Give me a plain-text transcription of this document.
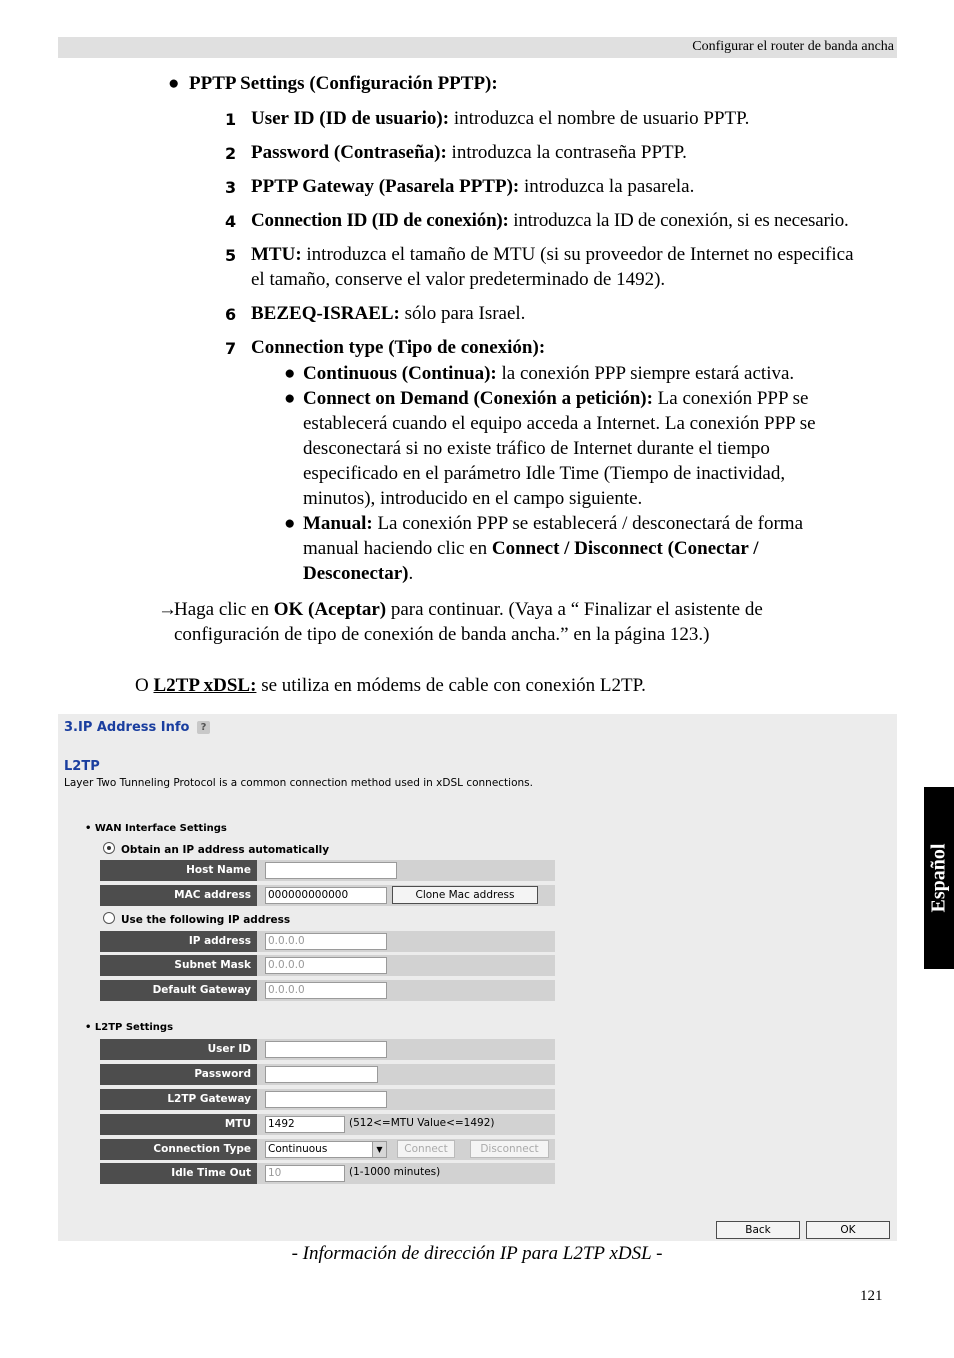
Configurar el router de banda ancha
● PPTP Settings (Configuración PPTP):
1 User ID (ID de usuario): introduzca el nombre de usuario PPTP.
2 Password (Contraseña): introduzca la contraseña PPTP.
3 PPTP Gateway (Pasarela PPTP): introduzca la pasarela.
4 Connection ID (ID de conexión): introduzca la ID de conexión, si es necesario.
5 MTU: introduzca el tamaño de MTU (si su proveedor de Internet no especifica
el tamaño, conserve el valor predeterminado de 1492).
6 BEZEQ-ISRAEL: sólo para Israel.
7 Connection type (Tipo de conexión):
● Continuous (Continua): la conexión PPP siempre estará activa.
● Connect on Demand (Conexión a petición): La conexión PPP se
establecerá cuando el equipo acceda a Internet. La conexión PPP se
desconectará si no existe tráfico de Internet durante el tiempo
especificado en el parámetro Idle Time (Tiempo de inactividad,
minutos), introducido en el campo siguiente.
● Manual: La conexión PPP se establecerá / desconectará de forma
manual haciendo clic en Connect / Disconnect (Conectar /
Desconectar).
→
Haga clic en OK (Aceptar) para continuar. (Vaya a “ Finalizar el asistente de
configuración de tipo de conexión de banda ancha.” en la página 123.)
O L2TP xDSL: se utiliza en módems de cable con conexión L2TP.
Español
3.IP Address Info ?
L2TP
Layer Two Tunneling Protocol is a common connection method used in xDSL connections.
• WAN Interface Settings
Obtain an IP address automatically
Host Name
MAC address	000000000000	Clone Mac address
Use the following IP address
IP address	0.0.0.0
Subnet Mask	0.0.0.0
Default Gateway	0.0.0.0
• L2TP Settings
User ID
Password
L2TP Gateway
MTU	1492	(512<=MTU Value<=1492)
Connection Type	Continuous	▼	Connect	Disconnect
Idle Time Out	10	(1-1000 minutes)
Back	OK
- Información de dirección IP para L2TP xDSL -
121
